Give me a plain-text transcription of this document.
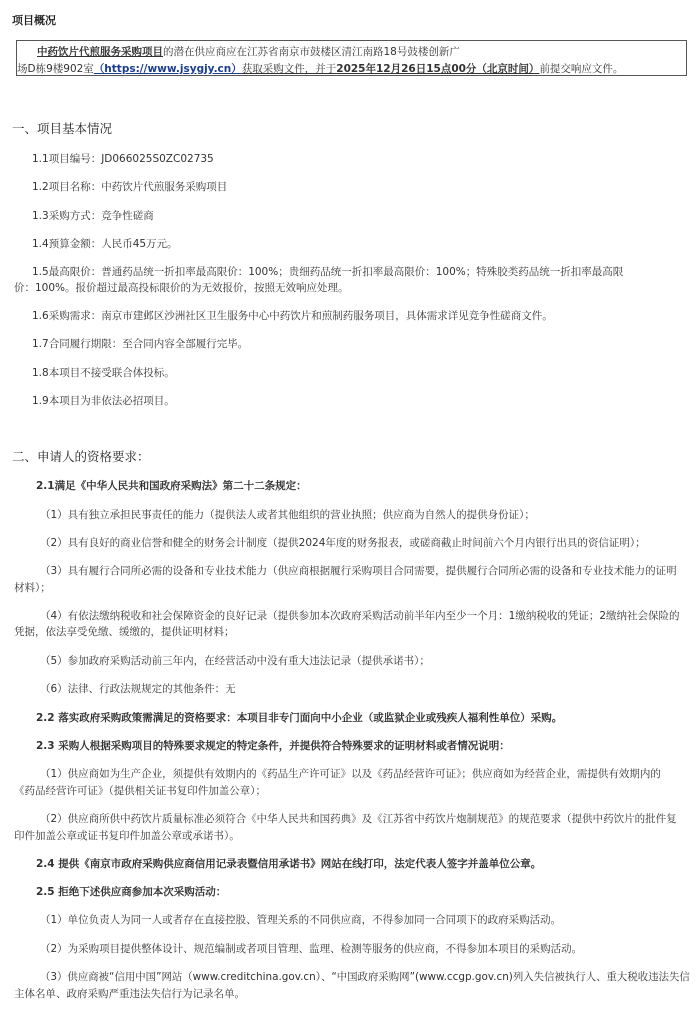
项目概况
中药饮片代煎服务采购项目的潜在供应商应在江苏省南京市鼓楼区清江南路18号鼓楼创新广
场D栋9楼902室（https://www.jsygjy.cn）获取采购文件，并于2025年12月26日15点00分（北京时间）前提交响应文件。
一、项目基本情况
1.1项目编号：JD066025S0ZC02735
1.2项目名称：中药饮片代煎服务采购项目
1.3采购方式：竞争性磋商
1.4预算金额：人民币45万元。
1.5最高限价：普通药品统一折扣率最高限价：100%；贵细药品统一折扣率最高限价：100%；特殊胶类药品统一折扣率最高限
价：100%。报价超过最高投标限价的为无效报价，按照无效响应处理。
1.6采购需求：南京市建邺区沙洲社区卫生服务中心中药饮片和煎制药服务项目，具体需求详见竞争性磋商文件。
1.7合同履行期限：至合同内容全部履行完毕。
1.8本项目不接受联合体投标。
1.9本项目为非依法必招项目。
二、申请人的资格要求：
2.1满足《中华人民共和国政府采购法》第二十二条规定：
（1）具有独立承担民事责任的能力（提供法人或者其他组织的营业执照；供应商为自然人的提供身份证）；
（2）具有良好的商业信誉和健全的财务会计制度（提供2024年度的财务报表，或磋商截止时间前六个月内银行出具的资信证明）；
（3）具有履行合同所必需的设备和专业技术能力（供应商根据履行采购项目合同需要，提供履行合同所必需的设备和专业技术能力的证明
材料）；
（4）有依法缴纳税收和社会保障资金的良好记录（提供参加本次政府采购活动前半年内至少一个月：1缴纳税收的凭证；2缴纳社会保险的
凭据，依法享受免缴、缓缴的，提供证明材料；
（5）参加政府采购活动前三年内，在经营活动中没有重大违法记录（提供承诺书）；
（6）法律、行政法规规定的其他条件：无
2.2 落实政府采购政策需满足的资格要求：本项目非专门面向中小企业（或监狱企业或残疾人福利性单位）采购。
2.3 采购人根据采购项目的特殊要求规定的特定条件，并提供符合特殊要求的证明材料或者情况说明：
（1）供应商如为生产企业，须提供有效期内的《药品生产许可证》以及《药品经营许可证》；供应商如为经营企业，需提供有效期内的
《药品经营许可证》（提供相关证书复印件加盖公章）；
（2）供应商所供中药饮片质量标准必须符合《中华人民共和国药典》及《江苏省中药饮片炮制规范》的规范要求（提供中药饮片的批件复
印件加盖公章或证书复印件加盖公章或承诺书）。
2.4 提供《南京市政府采购供应商信用记录表暨信用承诺书》网站在线打印，法定代表人签字并盖单位公章。
2.5 拒绝下述供应商参加本次采购活动：
（1）单位负责人为同一人或者存在直接控股、管理关系的不同供应商，不得参加同一合同项下的政府采购活动。
（2）为采购项目提供整体设计、规范编制或者项目管理、监理、检测等服务的供应商，不得参加本项目的采购活动。
（3）供应商被“信用中国”网站（www.creditchina.gov.cn）、“中国政府采购网”(www.ccgp.gov.cn)列入失信被执行人、重大税收违法失信
主体名单、政府采购严重违法失信行为记录名单。
